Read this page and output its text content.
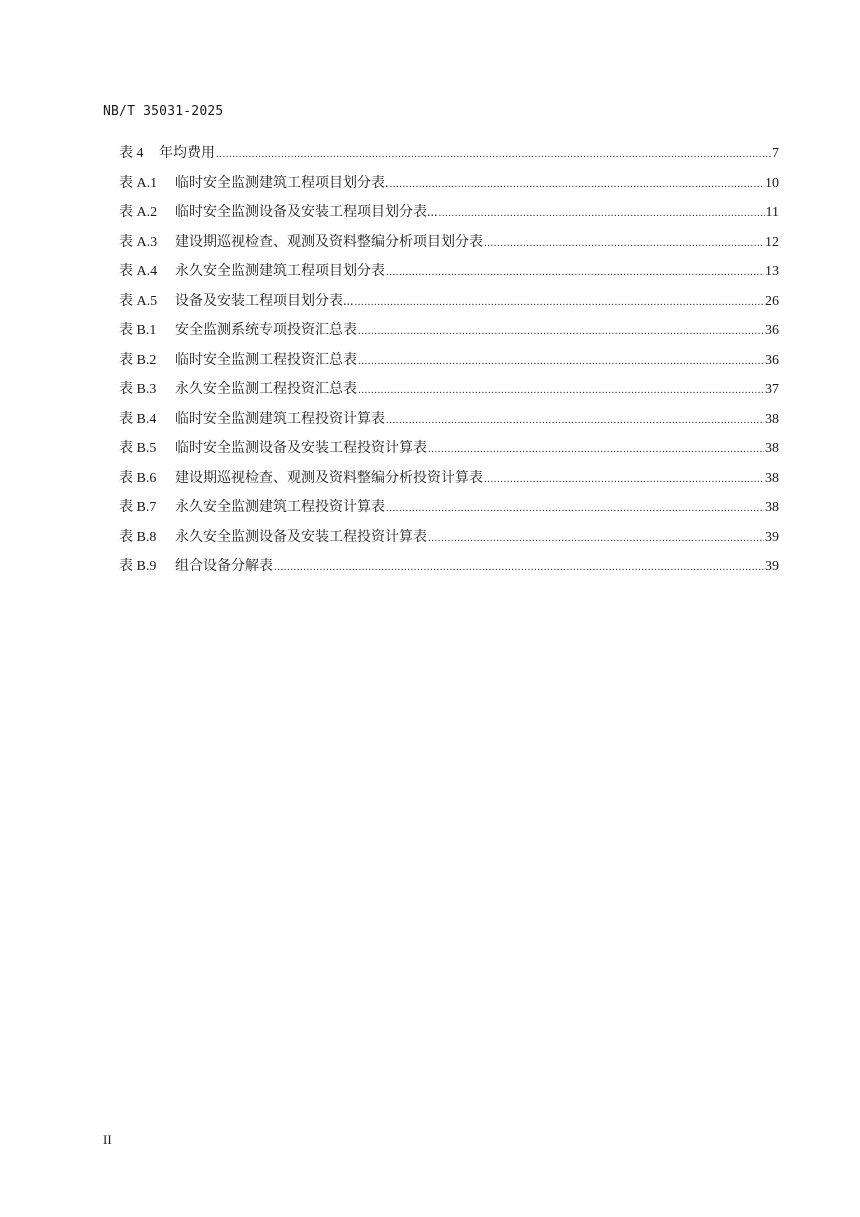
NB/T 35031-2025
表 4	年均费用 .....	7
表 A.1	临时安全监测建筑工程项目划分表. .....	10
表 A.2	临时安全监测设备及安装工程项目划分表... .....	11
表 A.3	建设期巡视检查、观测及资料整编分析项目划分表 .....	12
表 A.4	永久安全监测建筑工程项目划分表 .....	13
表 A.5	设备及安装工程项目划分表... .....	26
表 B.1	安全监测系统专项投资汇总表 .....	36
表 B.2	临时安全监测工程投资汇总表 .....	36
表 B.3	永久安全监测工程投资汇总表 .....	37
表 B.4	临时安全监测建筑工程投资计算表 .....	38
表 B.5	临时安全监测设备及安装工程投资计算表 .....	38
表 B.6	建设期巡视检查、观测及资料整编分析投资计算表 .....	38
表 B.7	永久安全监测建筑工程投资计算表 .....	38
表 B.8	永久安全监测设备及安装工程投资计算表 .....	39
表 B.9	组合设备分解表 .....	39
II
